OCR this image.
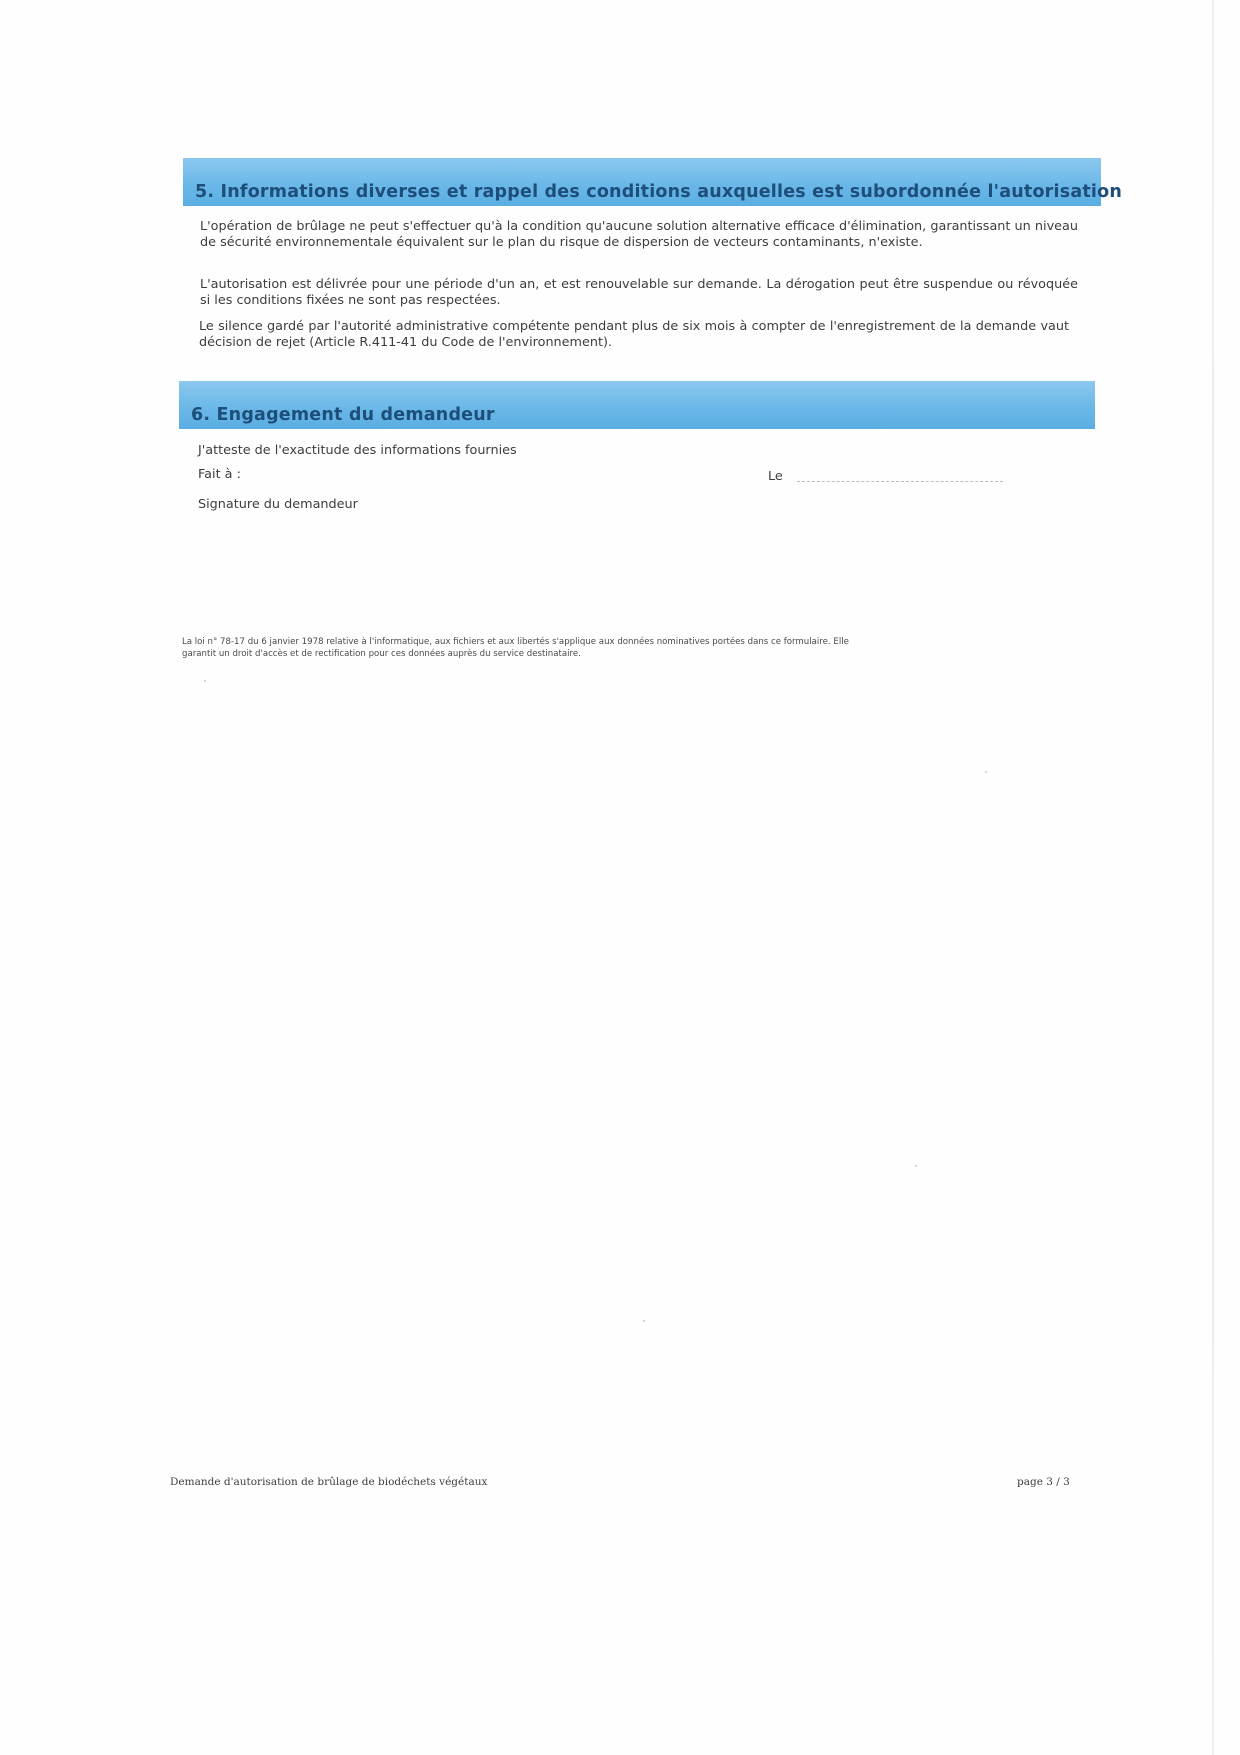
5. Informations diverses et rappel des conditions auxquelles est subordonnée l'autorisation
L'opération de brûlage ne peut s'effectuer qu'à la condition qu'aucune solution alternative efficace d'élimination, garantissant un niveau de sécurité environnementale équivalent sur le plan du risque de dispersion de vecteurs contaminants, n'existe.
L'autorisation est délivrée pour une période d'un an, et est renouvelable sur demande. La dérogation peut être suspendue ou révoquée si les conditions fixées ne sont pas respectées.
Le silence gardé par l'autorité administrative compétente pendant plus de six mois à compter de l'enregistrement de la demande vaut décision de rejet (Article R.411-41 du Code de l'environnement).
6. Engagement du demandeur
J'atteste de l'exactitude des informations fournies
Fait à :	Le
Signature du demandeur
La loi n° 78-17 du 6 janvier 1978 relative à l'informatique, aux fichiers et aux libertés s'applique aux données nominatives portées dans ce formulaire. Elle
garantit un droit d'accès et de rectification pour ces données auprès du service destinataire.
Demande d'autorisation de brûlage de biodéchets végétaux	page 3 / 3
